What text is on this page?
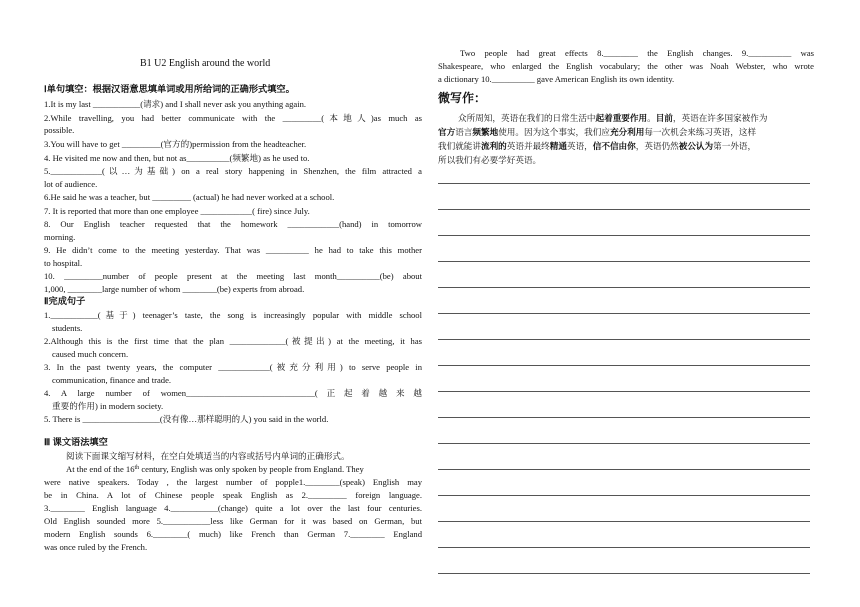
B1 U2 English around the world
Ⅰ单句填空：根据汉语意思填单词或用所给词的正确形式填空。
1.It is my last ___________(请求) and I shall never ask you anything again.
2.While travelling, you had better communicate with the _________(本地人)as much as
possible.
3.You will have to get _________(官方的)permission from the headteacher.
4. He visited me now and then, but not as__________(频繁地) as he used to.
5.____________(以…为基础) on a real story happening in Shenzhen, the film attracted a
lot of audience.
6.He said he was a teacher, but _________ (actual) he had never worked at a school.
7. It is reported that more than one employee ____________( fire) since July.
8. Our English teacher requested that the homework ____________(hand) in tomorrow
morning.
9. He didn’t come to the meeting yesterday. That was __________ he had to take this mother
to hospital.
10. _________number of people present at the meeting last month__________(be) about
1,000, ________large number of whom ________(be) experts from abroad.
Ⅱ完成句子
1.___________(基于) teenager’s taste, the song is increasingly popular with middle school
students.
2.Although this is the first time that the plan _____________(被提出) at the meeting, it has
caused much concern.
3. In the past twenty years, the computer ____________(被充分利用) to serve people in
communication, finance and trade.
4. A large number of women______________________________(正起着越来越
重要的作用) in modern society.
5. There is __________________(没有像…那样聪明的人) you said in the world.
Ⅲ 课文语法填空
阅读下面课文缩写材料，在空白处填适当的内容或括号内单词的正确形式。
At the end of the 16th century, English was only spoken by people from England. They
were native speakers. Today , the largest number of popple1.________(speak) English may
be in China. A lot of Chinese people speak English as 2._________ foreign language.
3.________ English language 4.___________(change) quite a lot over the last four centuries.
Old English sounded more 5.___________less like German for it was based on German, but
modern English sounds 6.________( much) like French than German 7.________ England
was once ruled by the French.
Two people had great effects 8.________ the English changes. 9.__________ was
Shakespeare, who enlarged the English vocabulary; the other was Noah Webster, who wrote
a dictionary 10.__________ gave American English its own identity.
微写作：
众所周知，英语在我们的日常生活中起着重要作用。目前，英语在许多国家被作为
官方语言频繁地使用。因为这个事实，我们应充分利用每一次机会来练习英语，这样
我们就能讲流利的英语并最终精通英语，信不信由你，英语仍然被公认为第一外语，
所以我们有必要学好英语。
